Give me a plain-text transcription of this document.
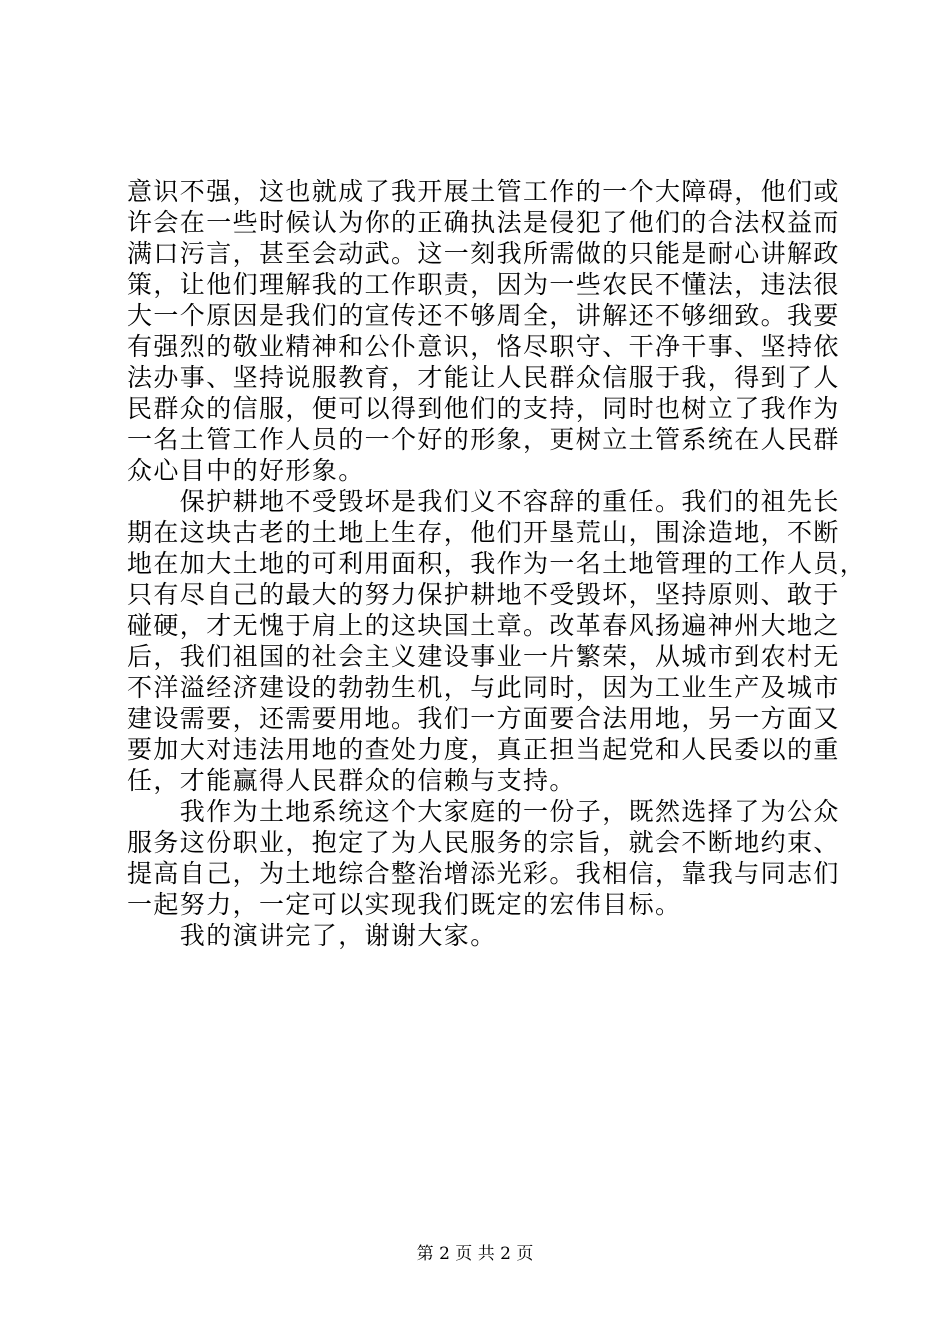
意识不强，这也就成了我开展土管工作的一个大障碍，他们或
许会在一些时候认为你的正确执法是侵犯了他们的合法权益而
满口污言，甚至会动武。这一刻我所需做的只能是耐心讲解政
策，让他们理解我的工作职责，因为一些农民不懂法，违法很
大一个原因是我们的宣传还不够周全，讲解还不够细致。我要
有强烈的敬业精神和公仆意识，恪尽职守、干净干事、坚持依
法办事、坚持说服教育，才能让人民群众信服于我，得到了人
民群众的信服，便可以得到他们的支持，同时也树立了我作为
一名土管工作人员的一个好的形象，更树立土管系统在人民群
众心目中的好形象。
　　保护耕地不受毁坏是我们义不容辞的重任。我们的祖先长
期在这块古老的土地上生存，他们开垦荒山，围涂造地，不断
地在加大土地的可利用面积，我作为一名土地管理的工作人员，
只有尽自己的最大的努力保护耕地不受毁坏，坚持原则、敢于
碰硬，才无愧于肩上的这块国土章。改革春风扬遍神州大地之
后，我们祖国的社会主义建设事业一片繁荣，从城市到农村无
不洋溢经济建设的勃勃生机，与此同时，因为工业生产及城市
建设需要，还需要用地。我们一方面要合法用地，另一方面又
要加大对违法用地的查处力度，真正担当起党和人民委以的重
任，才能赢得人民群众的信赖与支持。
　　我作为土地系统这个大家庭的一份子，既然选择了为公众
服务这份职业，抱定了为人民服务的宗旨，就会不断地约束、
提高自己，为土地综合整治增添光彩。我相信，靠我与同志们
一起努力，一定可以实现我们既定的宏伟目标。
　　我的演讲完了，谢谢大家。
第 2 页 共 2 页
